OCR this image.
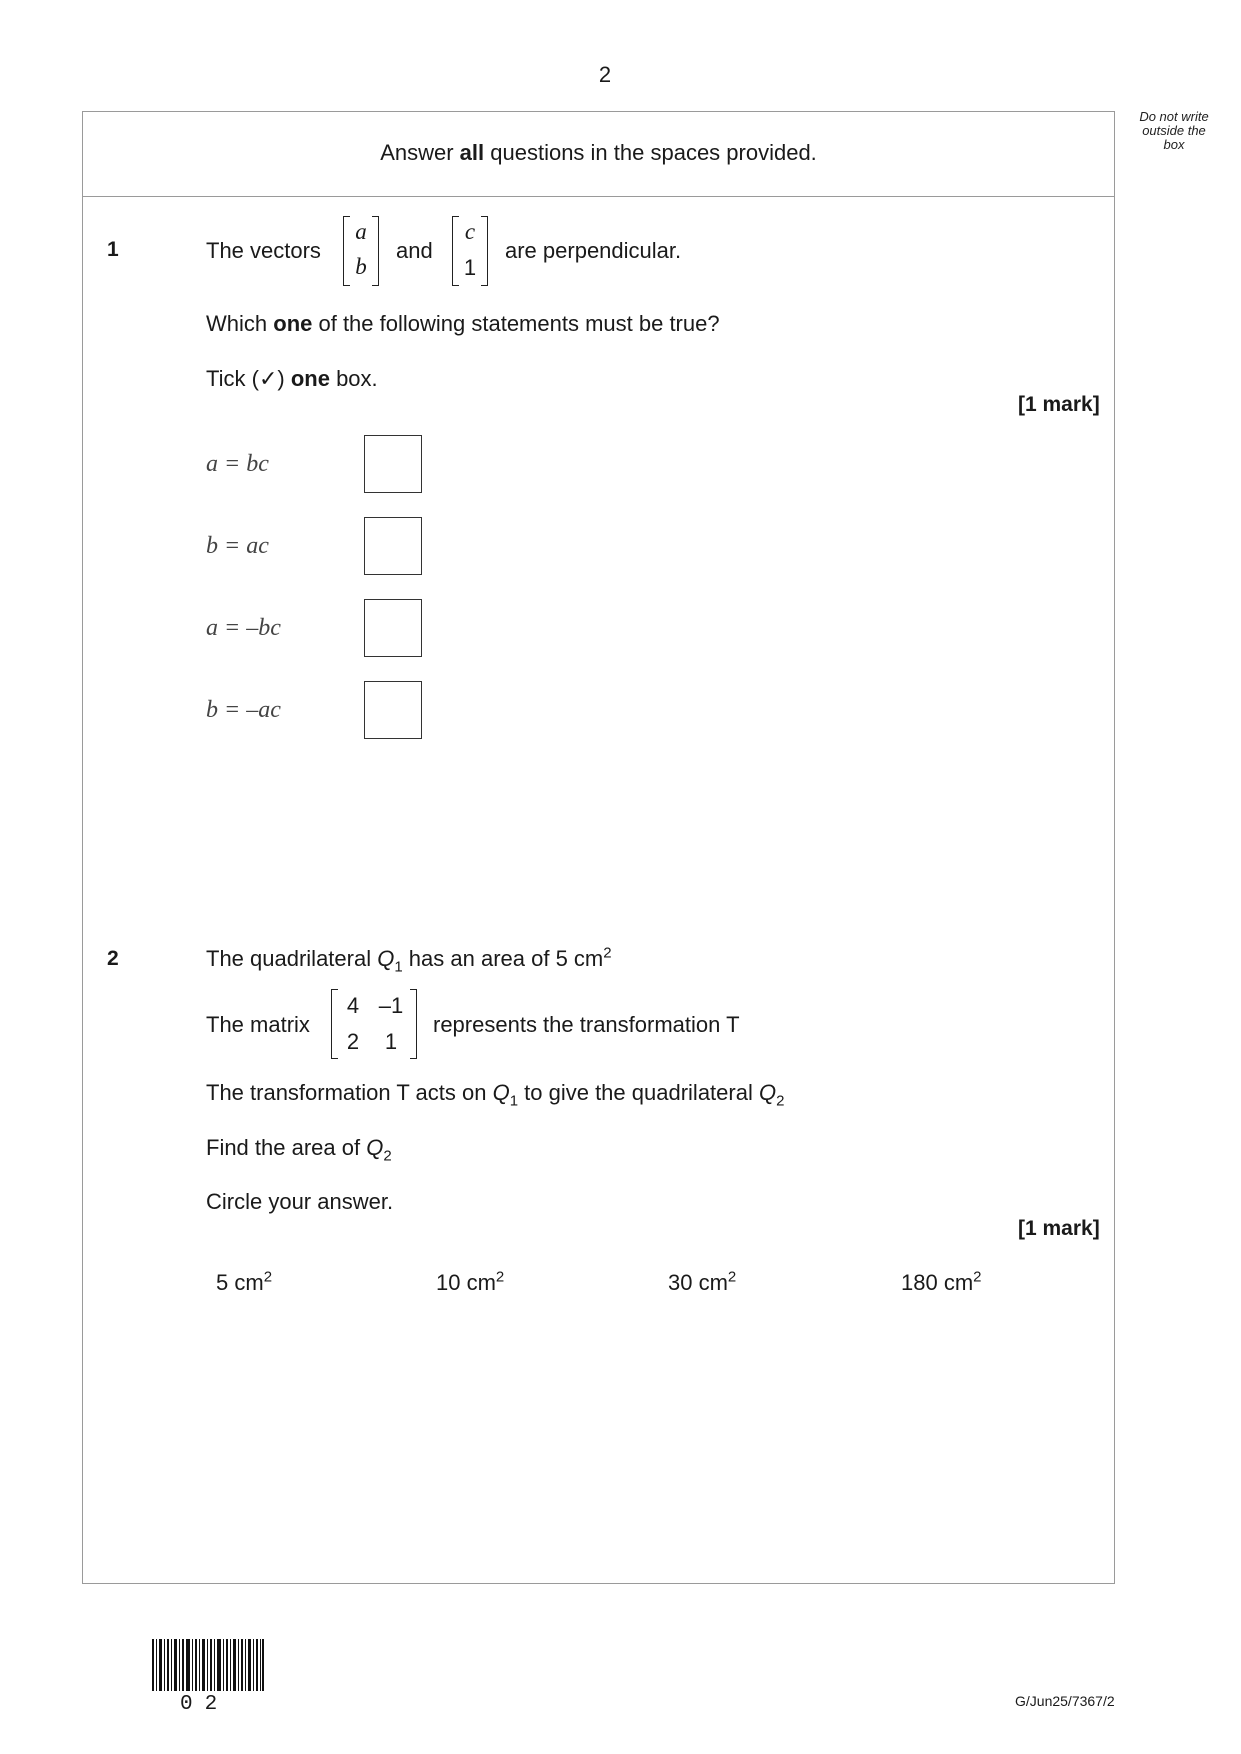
2
Do not write outside the box
Answer all questions in the spaces provided.
1	The vectors
a
b
and
c
1
are perpendicular.
Which one of the following statements must be true?
Tick (✓) one box.
[1 mark]
a = bc
b = ac
a = –bc
b = –ac
2	The quadrilateral $Q_1$ has an area of 5 $cm^2$
The matrix
4 –1
2	1
represents the transformation T
The transformation T acts on $Q_1$ to give the quadrilateral $Q_2$
Find the area of $Q_2$
Circle your answer.
[1 mark]
5 $cm^2$	10 $cm^2$	30 $cm^2$	180 $cm^2$
02	G/Jun25/7367/2
